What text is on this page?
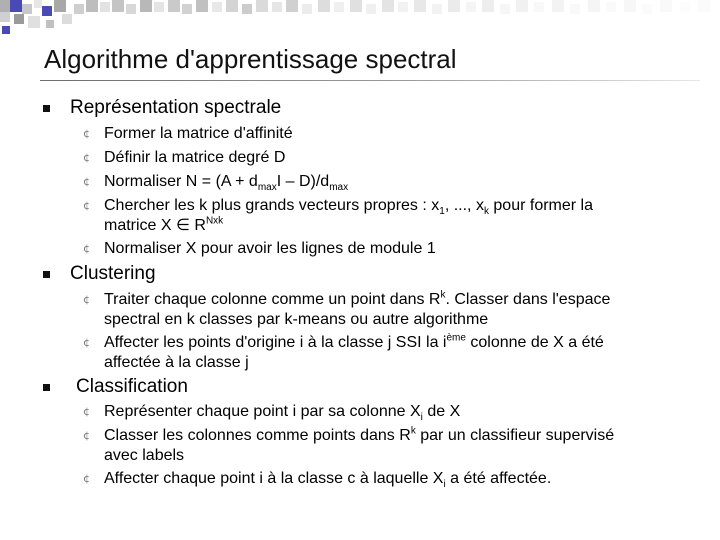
Algorithme d'apprentissage spectral
Représentation spectrale
¢ Former la matrice d'affinité
¢ Définir la matrice degré D
¢ Normaliser $N = (A + d_{max}I - D)/d_{max}$
¢ Chercher les k plus grands vecteurs propres : $x_1$, ..., $x_k$ pour former la
matrice X ∈ $R^{Nxk}$
¢ Normaliser X pour avoir les lignes de module 1
Clustering
¢ Traiter chaque colonne comme un point dans $R^k$. Classer dans l'espace
spectral en k classes par k-means ou autre algorithme
¢ Affecter les points d'origine i à la classe j SSI la $i^{ème}$ colonne de X a été
affectée à la classe j
Classification
¢ Représenter chaque point i par sa colonne $X_i$ de X
¢ Classer les colonnes comme points dans $R^k$ par un classifieur supervisé
avec labels
¢ Affecter chaque point i à la classe c à laquelle $X_i$ a été affectée.
